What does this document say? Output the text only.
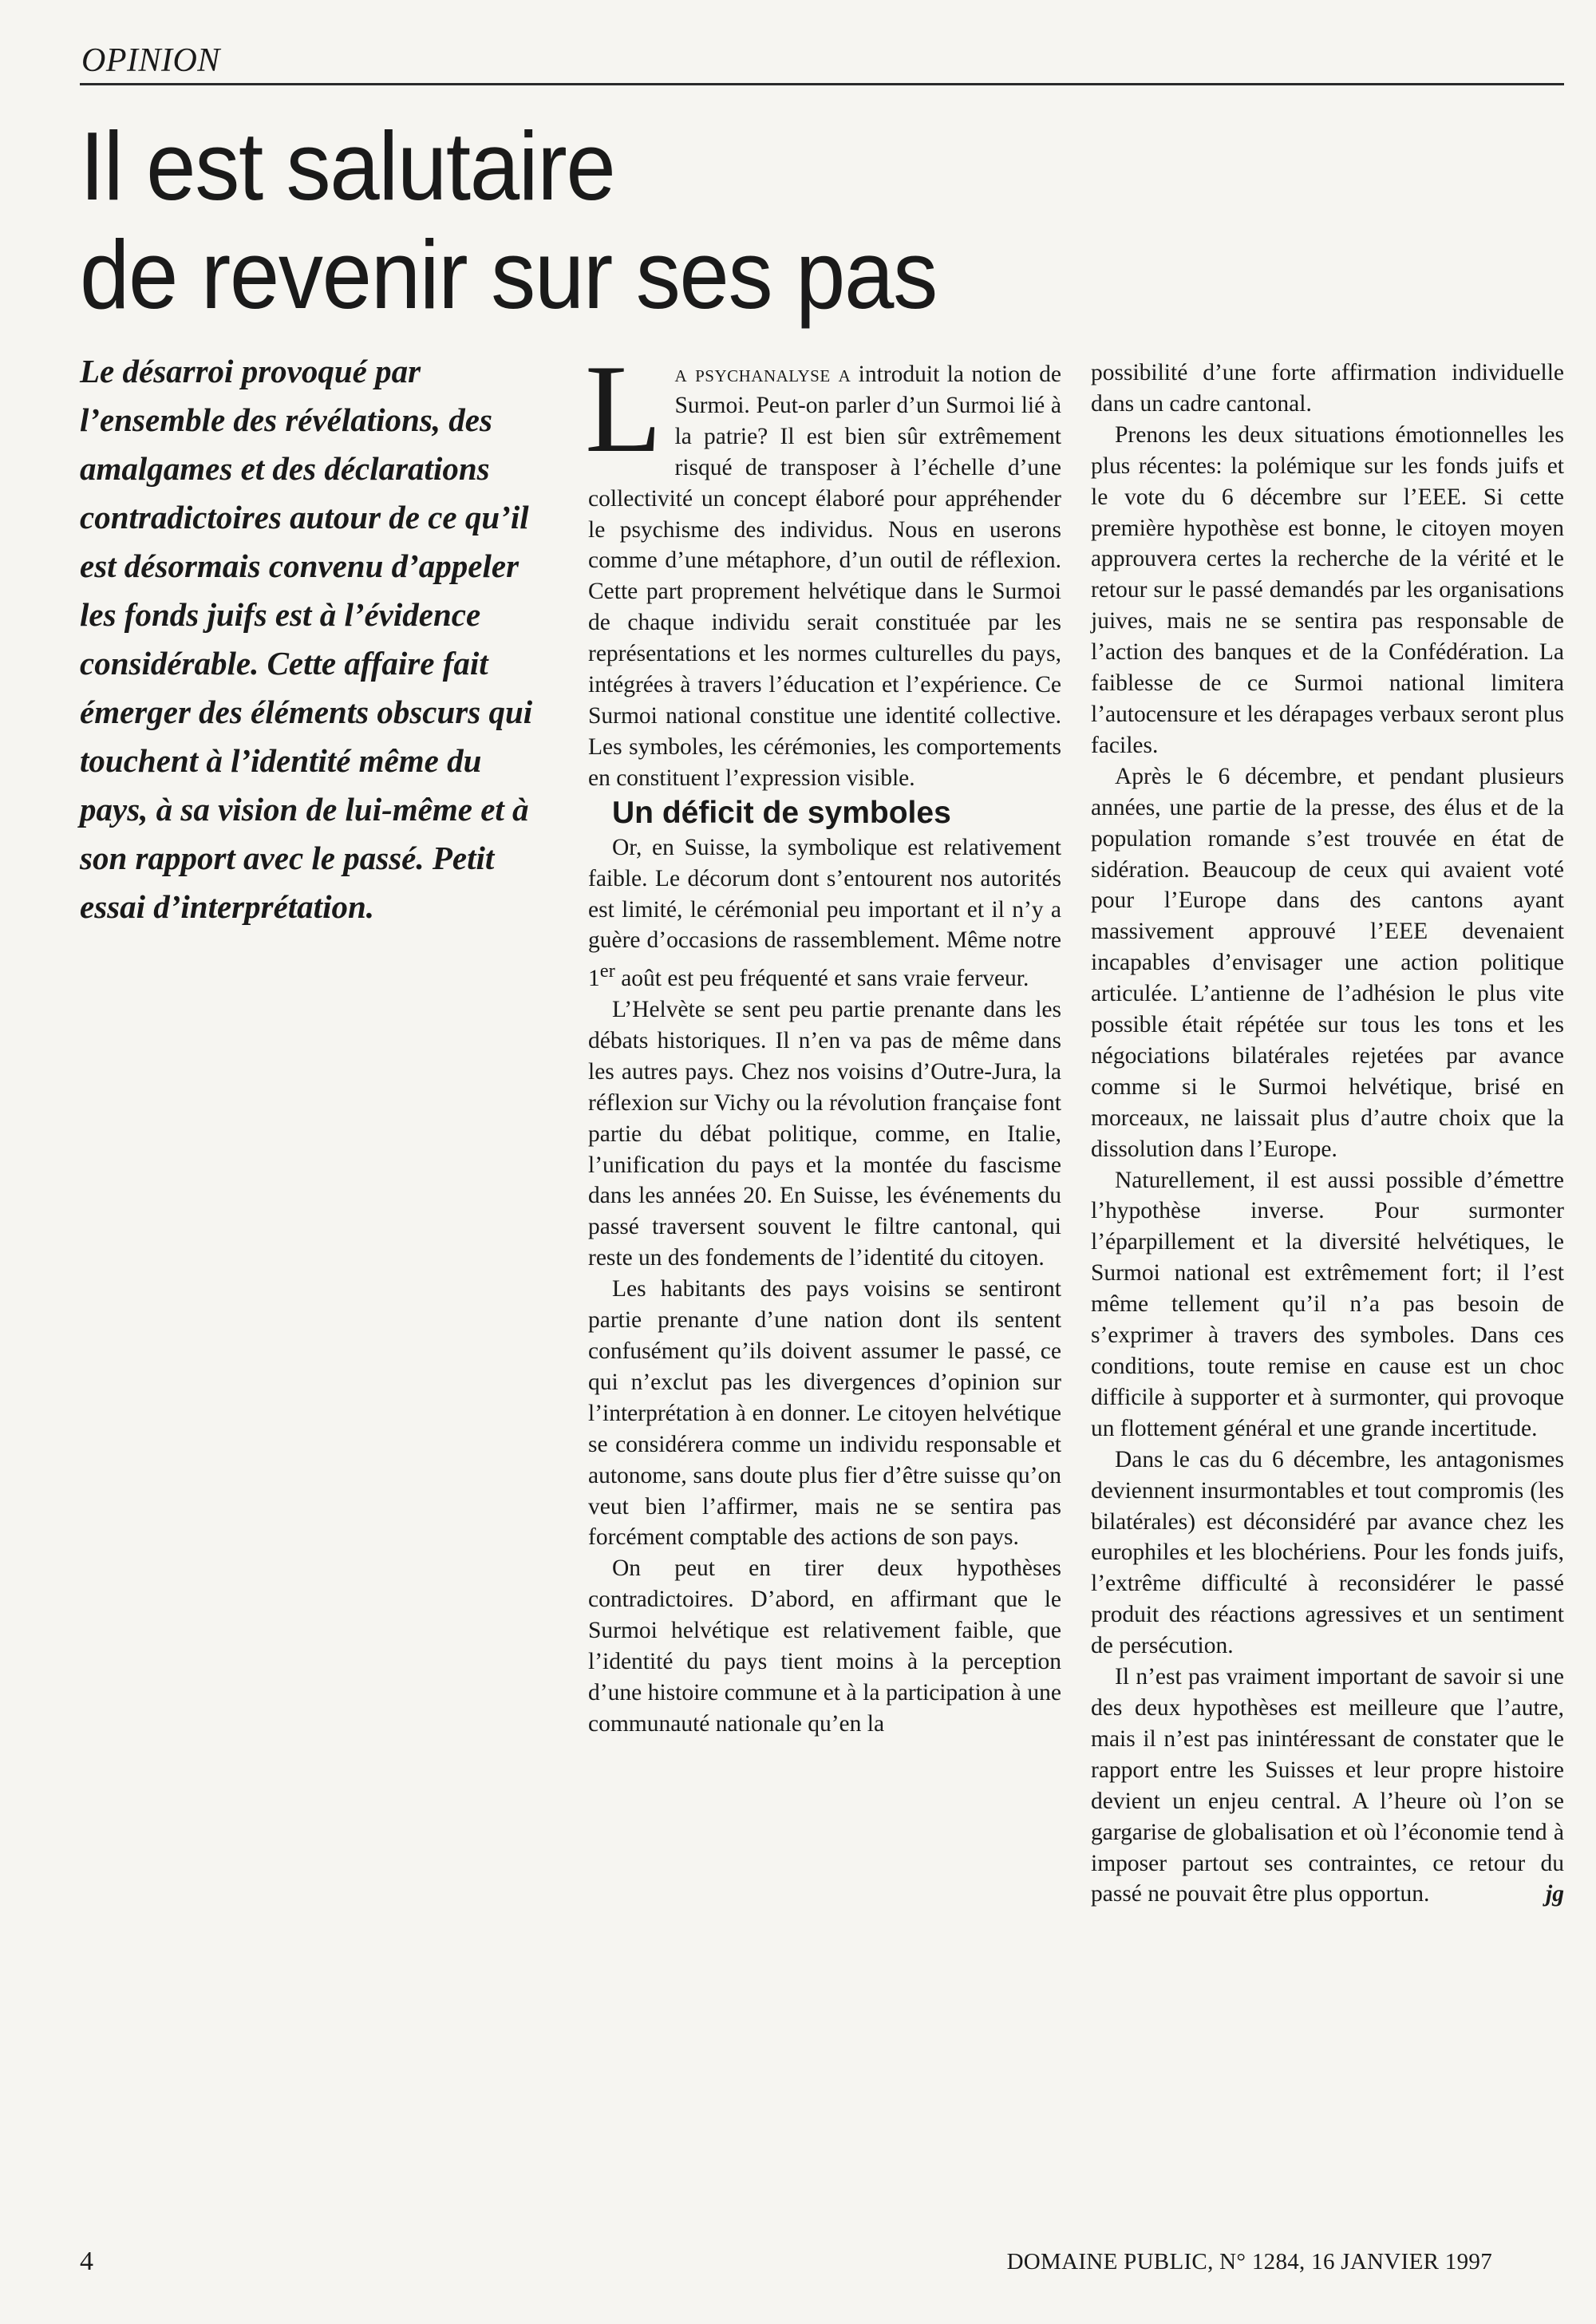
OPINION
Il est salutaire
de revenir sur ses pas

Le désarroi provoqué par l’ensemble des révélations, des amalgames et des déclarations contradictoires autour de ce qu’il est désormais convenu d’appeler les fonds juifs est à l’évidence considérable. Cette affaire fait émerger des éléments obscurs qui touchent à l’identité même du pays, à sa vision de lui-même et à son rapport avec le passé. Petit essai d’interprétation.

La psychanalyse a introduit la notion de Surmoi. Peut-on parler d’un Surmoi lié à la patrie? Il est bien sûr extrêmement risqué de transposer à l’échelle d’une collectivité un concept élaboré pour appréhender le psychisme des individus. Nous en userons comme d’une métaphore, d’un outil de réflexion. Cette part proprement helvétique dans le Surmoi de chaque individu serait constituée par les représentations et les normes culturelles du pays, intégrées à travers l’éducation et l’expérience. Ce Surmoi national constitue une identité collective. Les symboles, les cérémonies, les comportements en constituent l’expression visible.

Un déficit de symboles

Or, en Suisse, la symbolique est relativement faible. Le décorum dont s’entourent nos autorités est limité, le cérémonial peu important et il n’y a guère d’occasions de rassemblement. Même notre 1er août est peu fréquenté et sans vraie ferveur.

L’Helvète se sent peu partie prenante dans les débats historiques. Il n’en va pas de même dans les autres pays. Chez nos voisins d’Outre-Jura, la réflexion sur Vichy ou la révolution française font partie du débat politique, comme, en Italie, l’unification du pays et la montée du fascisme dans les années 20. En Suisse, les événements du passé traversent souvent le filtre cantonal, qui reste un des fondements de l’identité du citoyen.

Les habitants des pays voisins se sentiront partie prenante d’une nation dont ils sentent confusément qu’ils doivent assumer le passé, ce qui n’exclut pas les divergences d’opinion sur l’interprétation à en donner. Le citoyen helvétique se considérera comme un individu responsable et autonome, sans doute plus fier d’être suisse qu’on veut bien l’affirmer, mais ne se sentira pas forcément comptable des actions de son pays.

On peut en tirer deux hypothèses contradictoires. D’abord, en affirmant que le Surmoi helvétique est relativement faible, que l’identité du pays tient moins à la perception d’une histoire commune et à la participation à une communauté nationale qu’en la

possibilité d’une forte affirmation individuelle dans un cadre cantonal.

Prenons les deux situations émotionnelles les plus récentes: la polémique sur les fonds juifs et le vote du 6 décembre sur l’EEE. Si cette première hypothèse est bonne, le citoyen moyen approuvera certes la recherche de la vérité et le retour sur le passé demandés par les organisations juives, mais ne se sentira pas responsable de l’action des banques et de la Confédération. La faiblesse de ce Surmoi national limitera l’autocensure et les dérapages verbaux seront plus faciles.

Après le 6 décembre, et pendant plusieurs années, une partie de la presse, des élus et de la population romande s’est trouvée en état de sidération. Beaucoup de ceux qui avaient voté pour l’Europe dans des cantons ayant massivement approuvé l’EEE devenaient incapables d’envisager une action politique articulée. L’antienne de l’adhésion le plus vite possible était répétée sur tous les tons et les négociations bilatérales rejetées par avance comme si le Surmoi helvétique, brisé en morceaux, ne laissait plus d’autre choix que la dissolution dans l’Europe.

Naturellement, il est aussi possible d’émettre l’hypothèse inverse. Pour surmonter l’éparpillement et la diversité helvétiques, le Surmoi national est extrêmement fort; il l’est même tellement qu’il n’a pas besoin de s’exprimer à travers des symboles. Dans ces conditions, toute remise en cause est un choc difficile à supporter et à surmonter, qui provoque un flottement général et une grande incertitude.

Dans le cas du 6 décembre, les antagonismes deviennent insurmontables et tout compromis (les bilatérales) est déconsidéré par avance chez les europhiles et les blochériens. Pour les fonds juifs, l’extrême difficulté à reconsidérer le passé produit des réactions agressives et un sentiment de persécution.

Il n’est pas vraiment important de savoir si une des deux hypothèses est meilleure que l’autre, mais il n’est pas inintéressant de constater que le rapport entre les Suisses et leur propre histoire devient un enjeu central. A l’heure où l’on se gargarise de globalisation et où l’économie tend à imposer partout ses contraintes, ce retour du passé ne pouvait être plus opportun.	jg

4	DOMAINE PUBLIC, N° 1284, 16 JANVIER 1997
